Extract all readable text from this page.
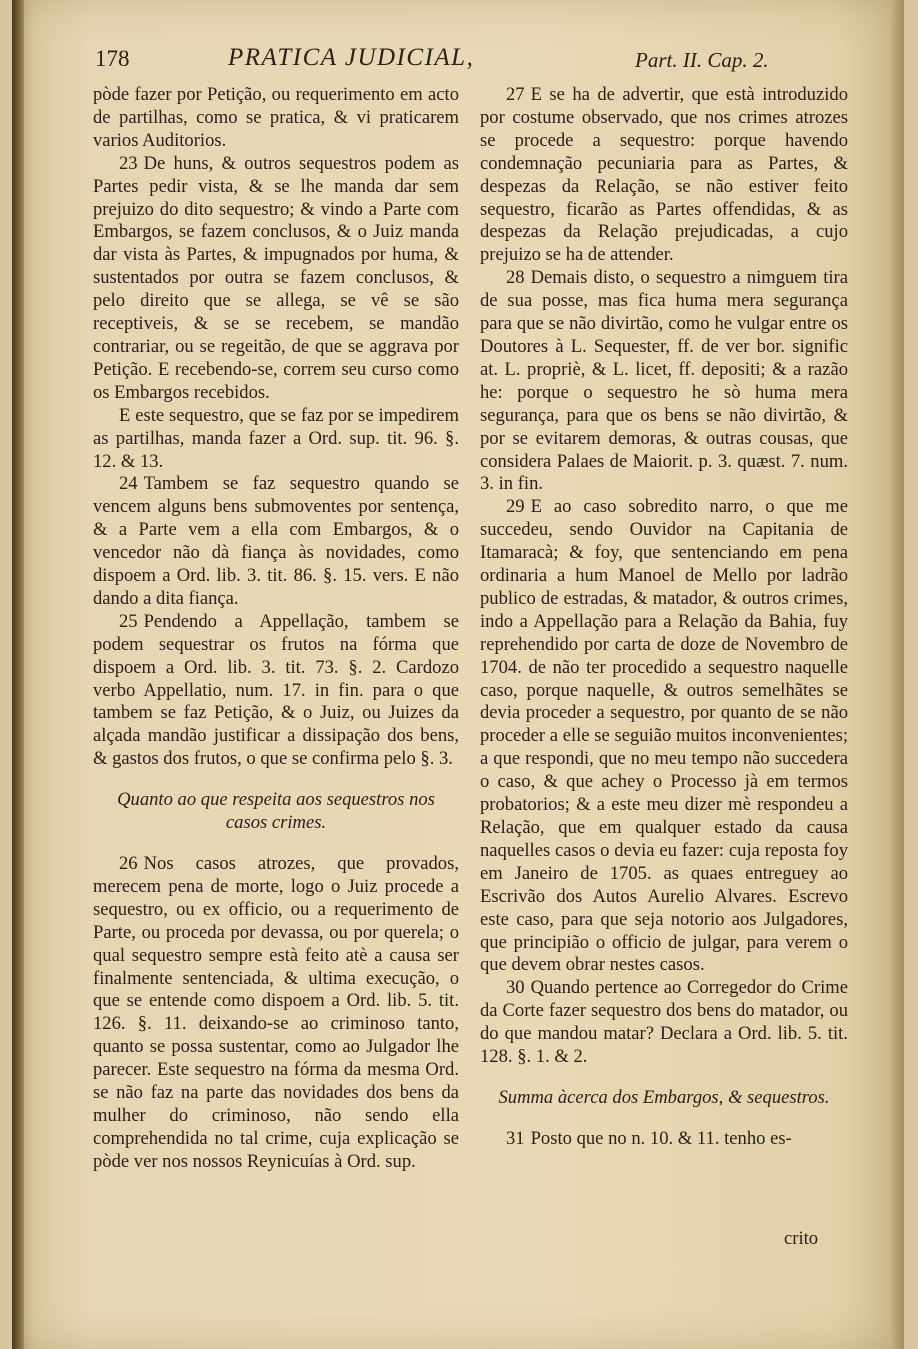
178	PRATICA JUDICIAL,	Part. II. Cap. 2.

pòde fazer por Petição, ou requerimento em acto de partilhas, como se pratica, & vi praticarem varios Auditorios.

23 De huns, & outros sequestros podem as Partes pedir vista, & se lhe manda dar sem prejuizo do dito sequestro; & vindo a Parte com Embargos, se fazem conclusos, & o Juiz manda dar vista às Partes, & impugnados por huma, & sustentados por outra se fazem conclusos, & pelo direito que se allega, se vê se são receptiveis, & se se recebem, se mandão contrariar, ou se regeitão, de que se aggrava por Petição. E recebendo-se, correm seu curso como os Embargos recebidos.

E este sequestro, que se faz por se impedirem as partilhas, manda fazer a Ord. sup. tit. 96. §. 12. & 13.

24 Tambem se faz sequestro quando se vencem alguns bens submoventes por sentença, & a Parte vem a ella com Embargos, & o vencedor não dà fiança às novidades, como dispoem a Ord. lib. 3. tit. 86. §. 15. vers. E não dando a dita fiança.

25 Pendendo a Appellação, tambem se podem sequestrar os frutos na fórma que dispoem a Ord. lib. 3. tit. 73. §. 2. Cardozo verbo Appellatio, num. 17. in fin. para o que tambem se faz Petição, & o Juiz, ou Juizes da alçada mandão justificar a dissipação dos bens, & gastos dos frutos, o que se confirma pelo §. 3.

Quanto ao que respeita aos sequestros nos casos crimes.

26 Nos casos atrozes, que provados, merecem pena de morte, logo o Juiz procede a sequestro, ou ex officio, ou a requerimento de Parte, ou proceda por devassa, ou por querela; o qual sequestro sempre està feito atè a causa ser finalmente sentenciada, & ultima execução, o que se entende como dispoem a Ord. lib. 5. tit. 126. §. 11. deixando-se ao criminoso tanto, quanto se possa sustentar, como ao Julgador lhe parecer. Este sequestro na fórma da mesma Ord. se não faz na parte das novidades dos bens da mulher do criminoso, não sendo ella comprehendida no tal crime, cuja explicação se pòde ver nos nossos Reynicuías à Ord. sup.

27 E se ha de advertir, que està introduzido por costume observado, que nos crimes atrozes se procede a sequestro: porque havendo condemnação pecuniaria para as Partes, & despezas da Relação, se não estiver feito sequestro, ficarão as Partes offendidas, & as despezas da Relação prejudicadas, a cujo prejuizo se ha de attender.

28 Demais disto, o sequestro a nimguem tira de sua posse, mas fica huma mera segurança para que se não divirtão, como he vulgar entre os Doutores à L. Sequester, ff. de ver bor. signific at. L. propriè, & L. licet, ff. depositi; & a razão he: porque o sequestro he sò huma mera segurança, para que os bens se não divirtão, & por se evitarem demoras, & outras cousas, que considera Palaes de Maiorit. p. 3. quæst. 7. num. 3. in fin.

29 E ao caso sobredito narro, o que me succedeu, sendo Ouvidor na Capitania de Itamaracà; & foy, que sentenciando em pena ordinaria a hum Manoel de Mello por ladrão publico de estradas, & matador, & outros crimes, indo a Appellação para a Relação da Bahia, fuy reprehendido por carta de doze de Novembro de 1704. de não ter procedido a sequestro naquelle caso, porque naquelle, & outros semelhãtes se devia proceder a sequestro, por quanto de se não proceder a elle se seguião muitos inconvenientes; a que respondi, que no meu tempo não succedera o caso, & que achey o Processo jà em termos probatorios; & a este meu dizer mè respondeu a Relação, que em qualquer estado da causa naquelles casos o devia eu fazer: cuja reposta foy em Janeiro de 1705. as quaes entreguey ao Escrivão dos Autos Aurelio Alvares. Escrevo este caso, para que seja notorio aos Julgadores, que principião o officio de julgar, para verem o que devem obrar nestes casos.

30 Quando pertence ao Corregedor do Crime da Corte fazer sequestro dos bens do matador, ou do que mandou matar? Declara a Ord. lib. 5. tit. 128. §. 1. & 2.

Summa àcerca dos Embargos, & sequestros.

31 Posto que no n. 10. & 11. tenho es-

crito
